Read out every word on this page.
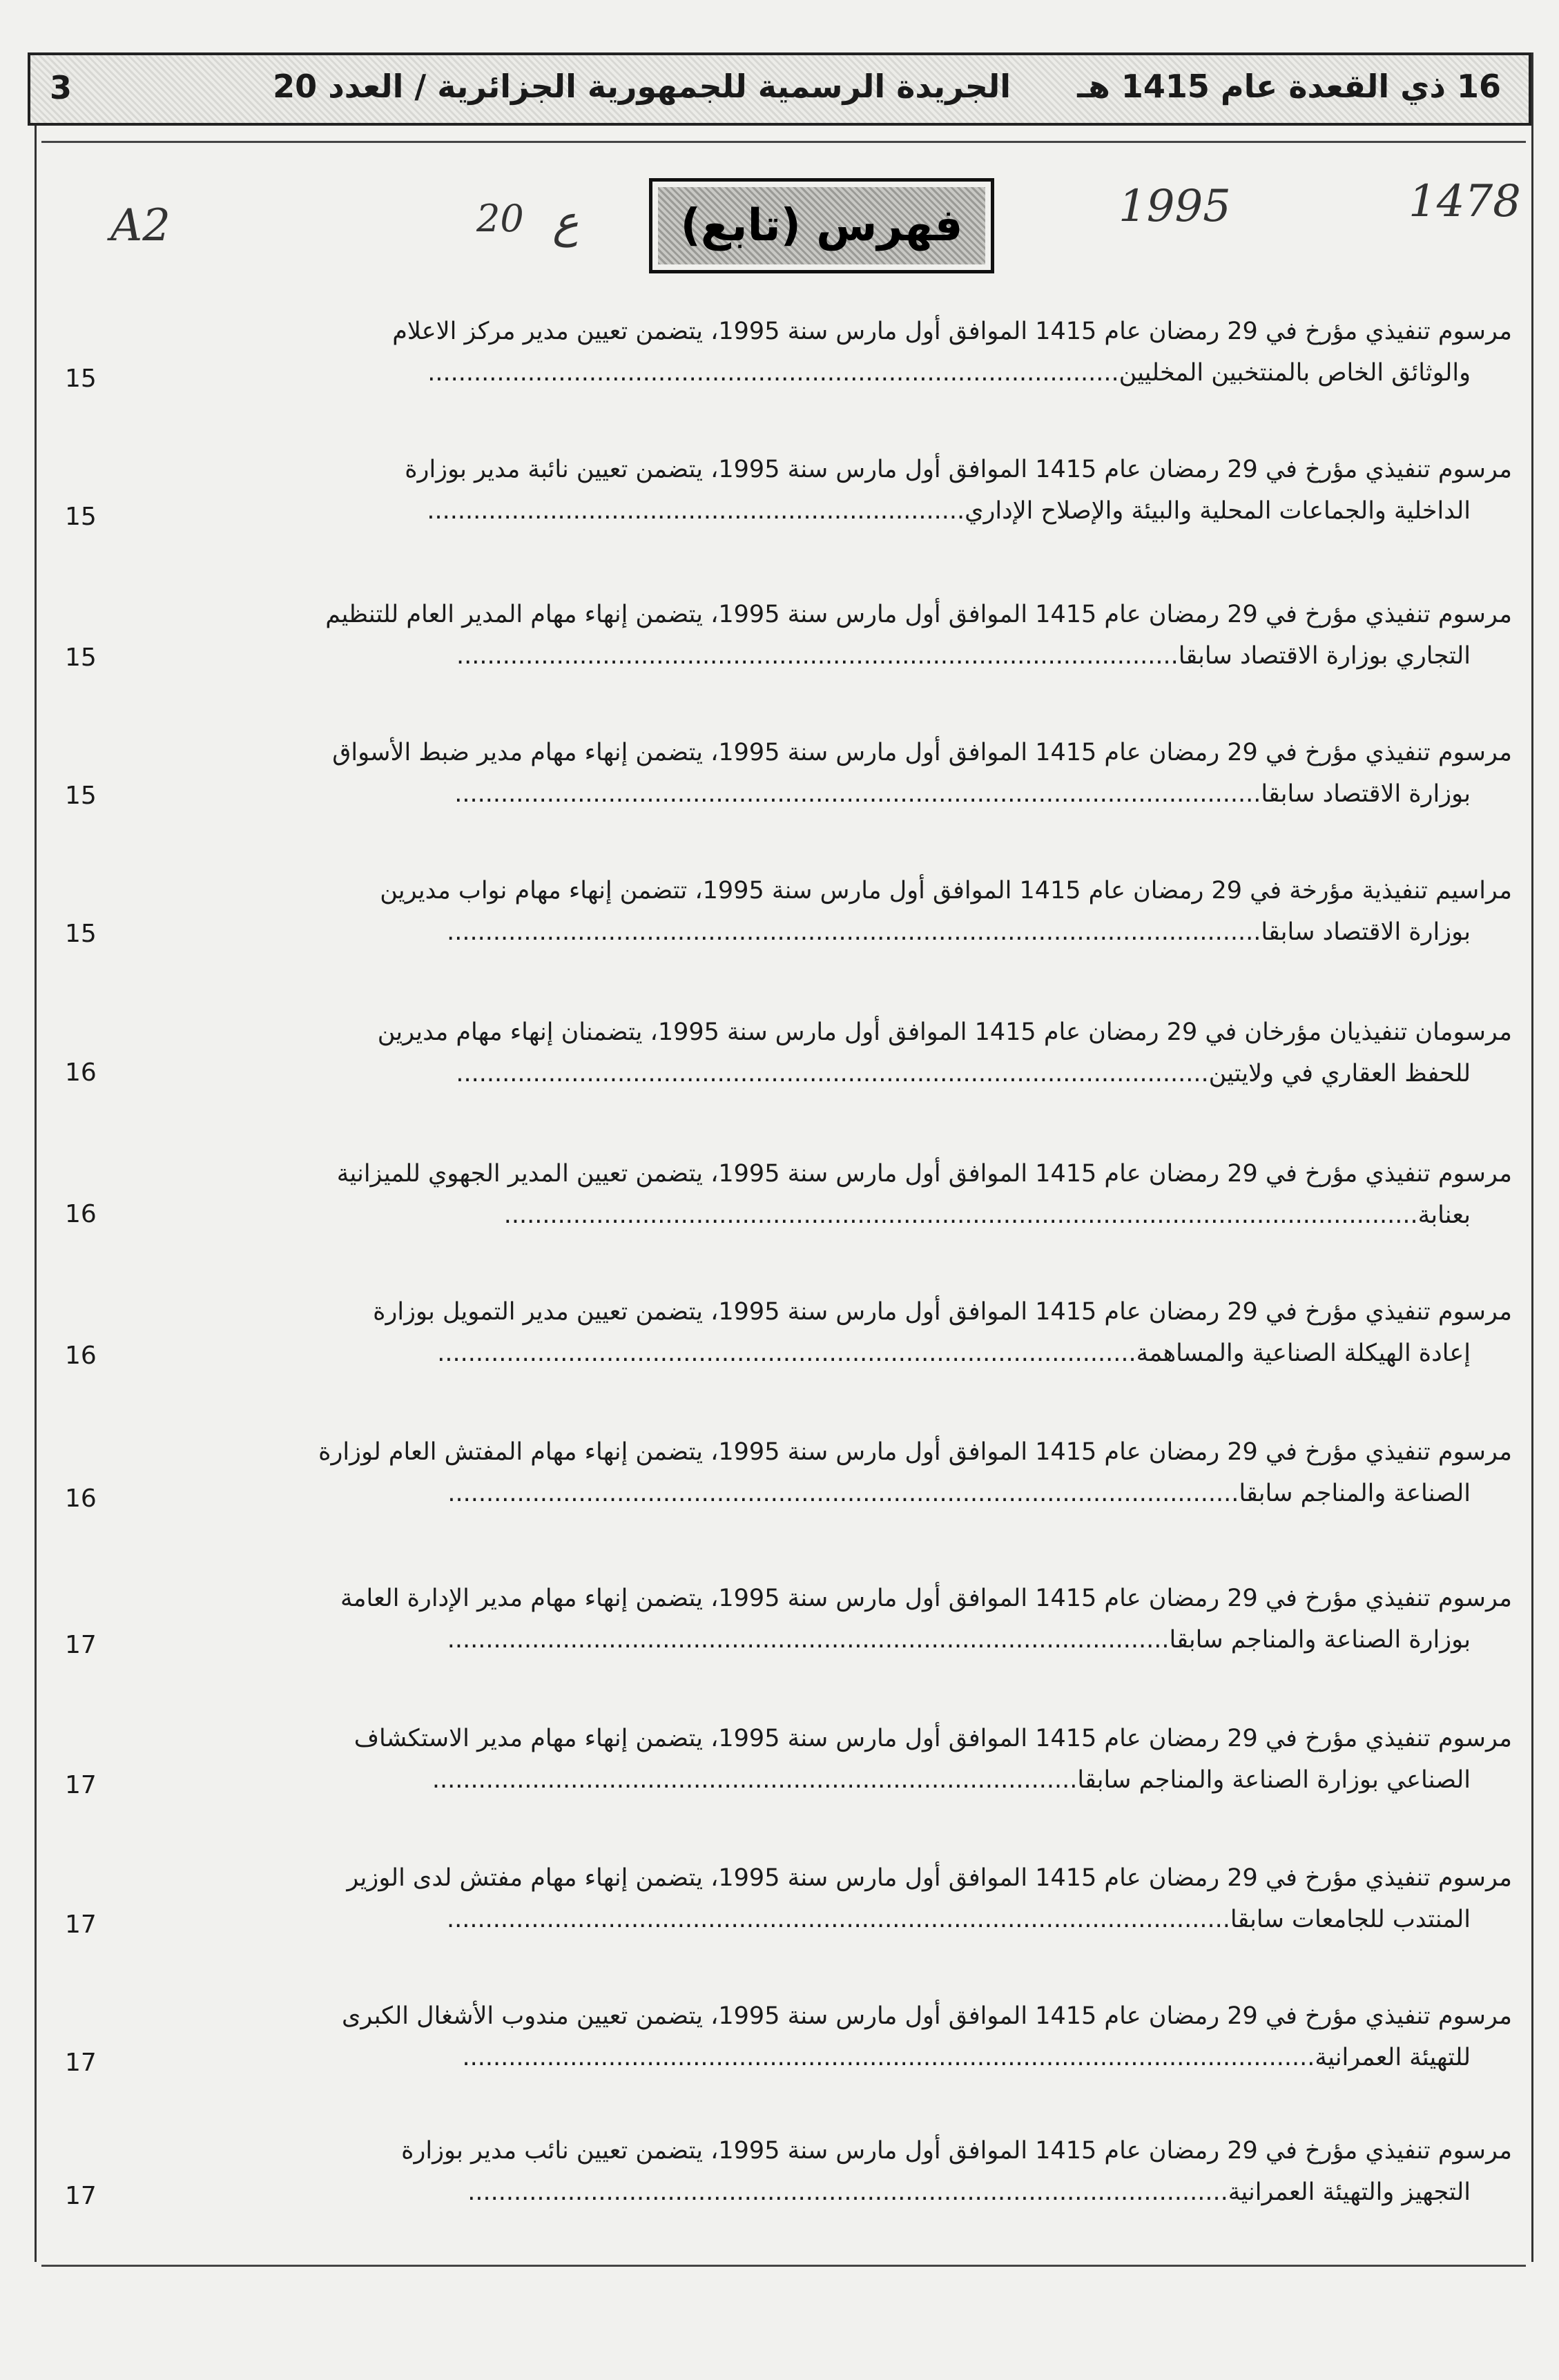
16 ذي القعدة عام 1415 هـ
الجريدة الرسمية للجمهورية الجزائرية / العدد 20
3
A2	20 ع	1995	1478
فهرس (تابع)
مرسوم تنفيذي مؤرخ في 29 رمضان عام 1415 الموافق أول مارس سنة 1995، يتضمن تعيين مدير مركز الاعلام
والوثائق الخاص بالمنتخبين المخليين..........................................................................................
15
مرسوم تنفيذي مؤرخ في 29 رمضان عام 1415 الموافق أول مارس سنة 1995، يتضمن تعيين نائبة مدير بوزارة
الداخلية والجماعات المحلية والبيئة والإصلاح الإداري......................................................................
15
مرسوم تنفيذي مؤرخ في 29 رمضان عام 1415 الموافق أول مارس سنة 1995، يتضمن إنهاء مهام المدير العام للتنظيم
التجاري بوزارة الاقتصاد سابقا..............................................................................................
15
مرسوم تنفيذي مؤرخ في 29 رمضان عام 1415 الموافق أول مارس سنة 1995، يتضمن إنهاء مهام مدير ضبط الأسواق
بوزارة الاقتصاد سابقا.........................................................................................................
15
مراسيم تنفيذية مؤرخة في 29 رمضان عام 1415 الموافق أول مارس سنة 1995، تتضمن إنهاء مهام نواب مديرين
بوزارة الاقتصاد سابقا..........................................................................................................
15
مرسومان تنفيذيان مؤرخان في 29 رمضان عام 1415 الموافق أول مارس سنة 1995، يتضمنان إنهاء مهام مديرين
للحفظ العقاري في ولايتين..................................................................................................
16
مرسوم تنفيذي مؤرخ في 29 رمضان عام 1415 الموافق أول مارس سنة 1995، يتضمن تعيين المدير الجهوي للميزانية
بعنابة.......................................................................................................................
16
مرسوم تنفيذي مؤرخ في 29 رمضان عام 1415 الموافق أول مارس سنة 1995، يتضمن تعيين مدير التمويل بوزارة
إعادة الهيكلة الصناعية والمساهمة...........................................................................................
16
مرسوم تنفيذي مؤرخ في 29 رمضان عام 1415 الموافق أول مارس سنة 1995، يتضمن إنهاء مهام المفتش العام لوزارة
الصناعة والمناجم سابقا.......................................................................................................
16
مرسوم تنفيذي مؤرخ في 29 رمضان عام 1415 الموافق أول مارس سنة 1995، يتضمن إنهاء مهام مدير الإدارة العامة
بوزارة الصناعة والمناجم سابقا..............................................................................................
17
مرسوم تنفيذي مؤرخ في 29 رمضان عام 1415 الموافق أول مارس سنة 1995، يتضمن إنهاء مهام مدير الاستكشاف
الصناعي بوزارة الصناعة والمناجم سابقا....................................................................................
17
مرسوم تنفيذي مؤرخ في 29 رمضان عام 1415 الموافق أول مارس سنة 1995، يتضمن إنهاء مهام مفتش لدى الوزير
المنتدب للجامعات سابقا......................................................................................................
17
مرسوم تنفيذي مؤرخ في 29 رمضان عام 1415 الموافق أول مارس سنة 1995، يتضمن تعيين مندوب الأشغال الكبرى
للتهيئة العمرانية...............................................................................................................
17
مرسوم تنفيذي مؤرخ في 29 رمضان عام 1415 الموافق أول مارس سنة 1995، يتضمن تعيين نائب مدير بوزارة
التجهيز والتهيئة العمرانية...................................................................................................
17
